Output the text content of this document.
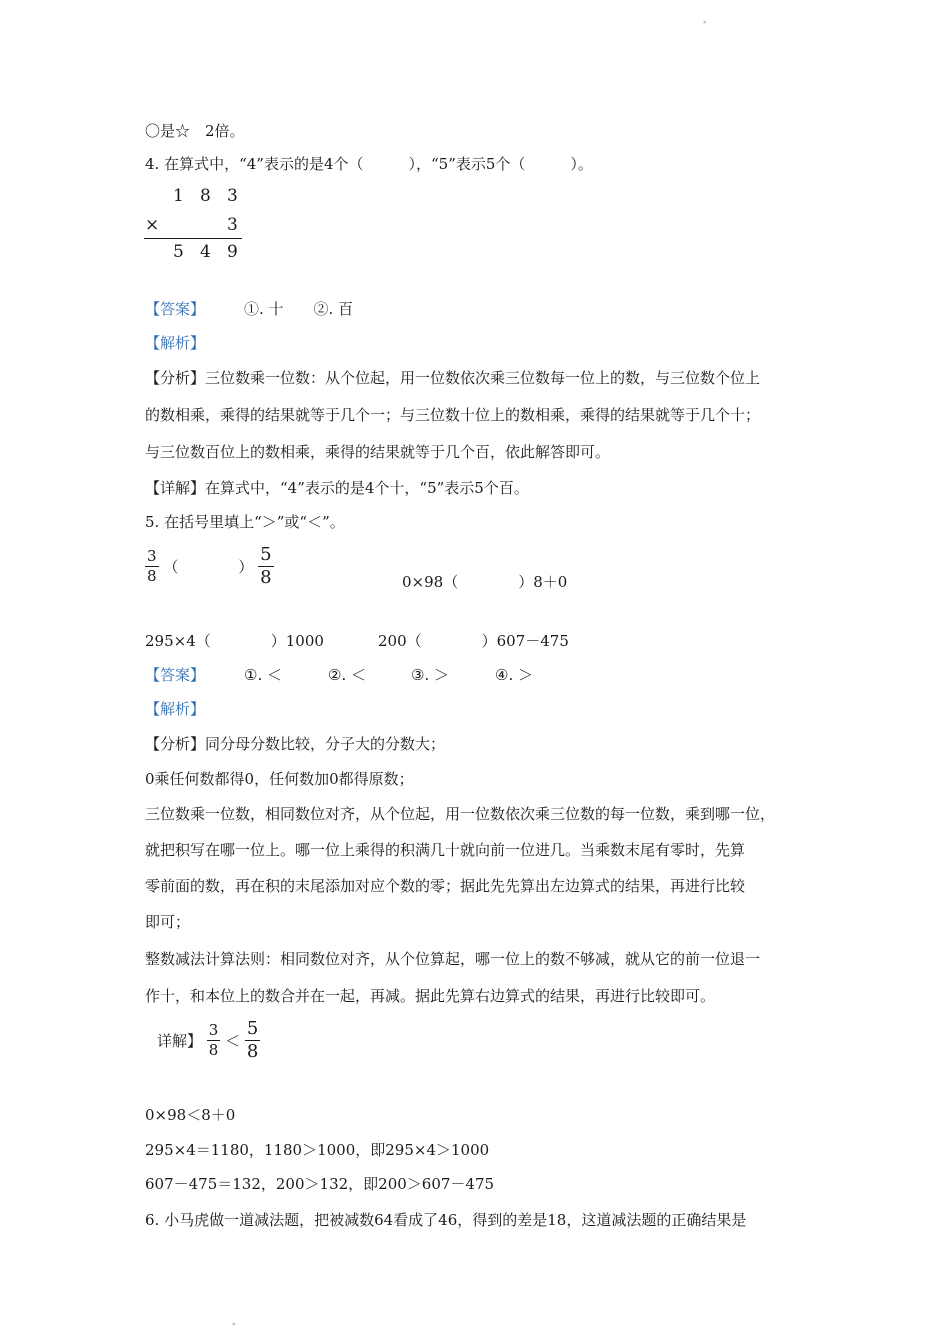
"
〇是☆　2倍。
4. 在算式中，“4”表示的是4个（　　　），“5”表示5个（　　　）。
1 8 3
×	3
5 4 9
【答案】	①. 十　　②. 百
【解析】
【分析】三位数乘一位数：从个位起，用一位数依次乘三位数每一位上的数，与三位数个位上
的数相乘，乘得的结果就等于几个一；与三位数十位上的数相乘，乘得的结果就等于几个十；
与三位数百位上的数相乘，乘得的结果就等于几个百，依此解答即可。
【详解】在算式中，“4”表示的是4个十，“5”表示5个百。
5. 在括号里填上“＞”或“＜”。
$\frac{3}{8}$ （　　　　） $\frac{5}{8}$	0×98（　　　　）8＋0
295×4（　　　　）1000	200（　　　　）607－475
【答案】	①. ＜	②. ＜	③. ＞	④. ＞
【解析】
【分析】同分母分数比较，分子大的分数大；
0乘任何数都得0，任何数加0都得原数；
三位数乘一位数，相同数位对齐，从个位起，用一位数依次乘三位数的每一位数，乘到哪一位，
就把积写在哪一位上。哪一位上乘得的积满几十就向前一位进几。当乘数末尾有零时，先算
零前面的数，再在积的末尾添加对应个数的零；据此先先算出左边算式的结果，再进行比较
即可；
整数减法计算法则：相同数位对齐，从个位算起，哪一位上的数不够减，就从它的前一位退一
作十，和本位上的数合并在一起，再减。据此先算右边算式的结果，再进行比较即可。
详解】 $\frac{3}{8} < \frac{5}{8}$
0×98＜8＋0
295×4＝1180，1180＞1000，即295×4＞1000
607－475＝132，200＞132，即200＞607－475
6. 小马虎做一道减法题，把被减数64看成了46，得到的差是18，这道减法题的正确结果是
"
